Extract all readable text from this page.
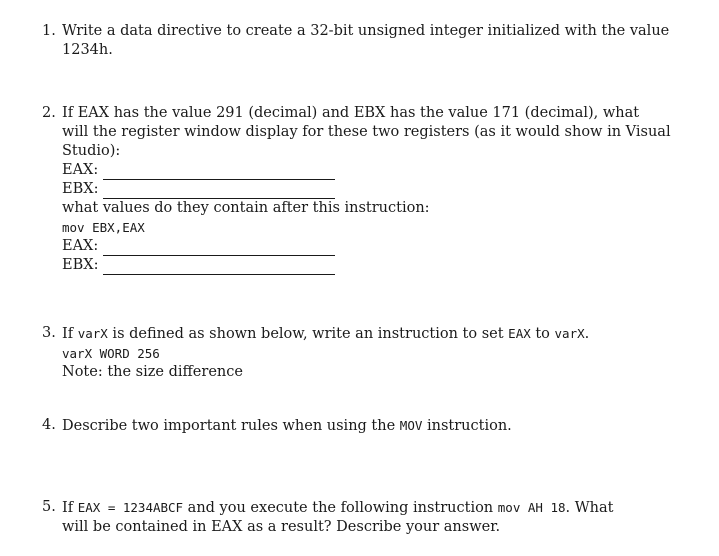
1. Write a data directive to create a 32-bit unsigned integer initialized with the value
1234h.
2. If EAX has the value 291 (decimal) and EBX has the value 171 (decimal), what
will the register window display for these two registers (as it would show in Visual
Studio):
EAX:
EBX:
what values do they contain after this instruction:
mov EBX,EAX
EAX:
EBX:
3. If varX is defined as shown below, write an instruction to set EAX to varX.
varX WORD 256
Note: the size difference
4. Describe two important rules when using the MOV instruction.
5. If EAX = 1234ABCF and you execute the following instruction mov AH 18. What
will be contained in EAX as a result? Describe your answer.
